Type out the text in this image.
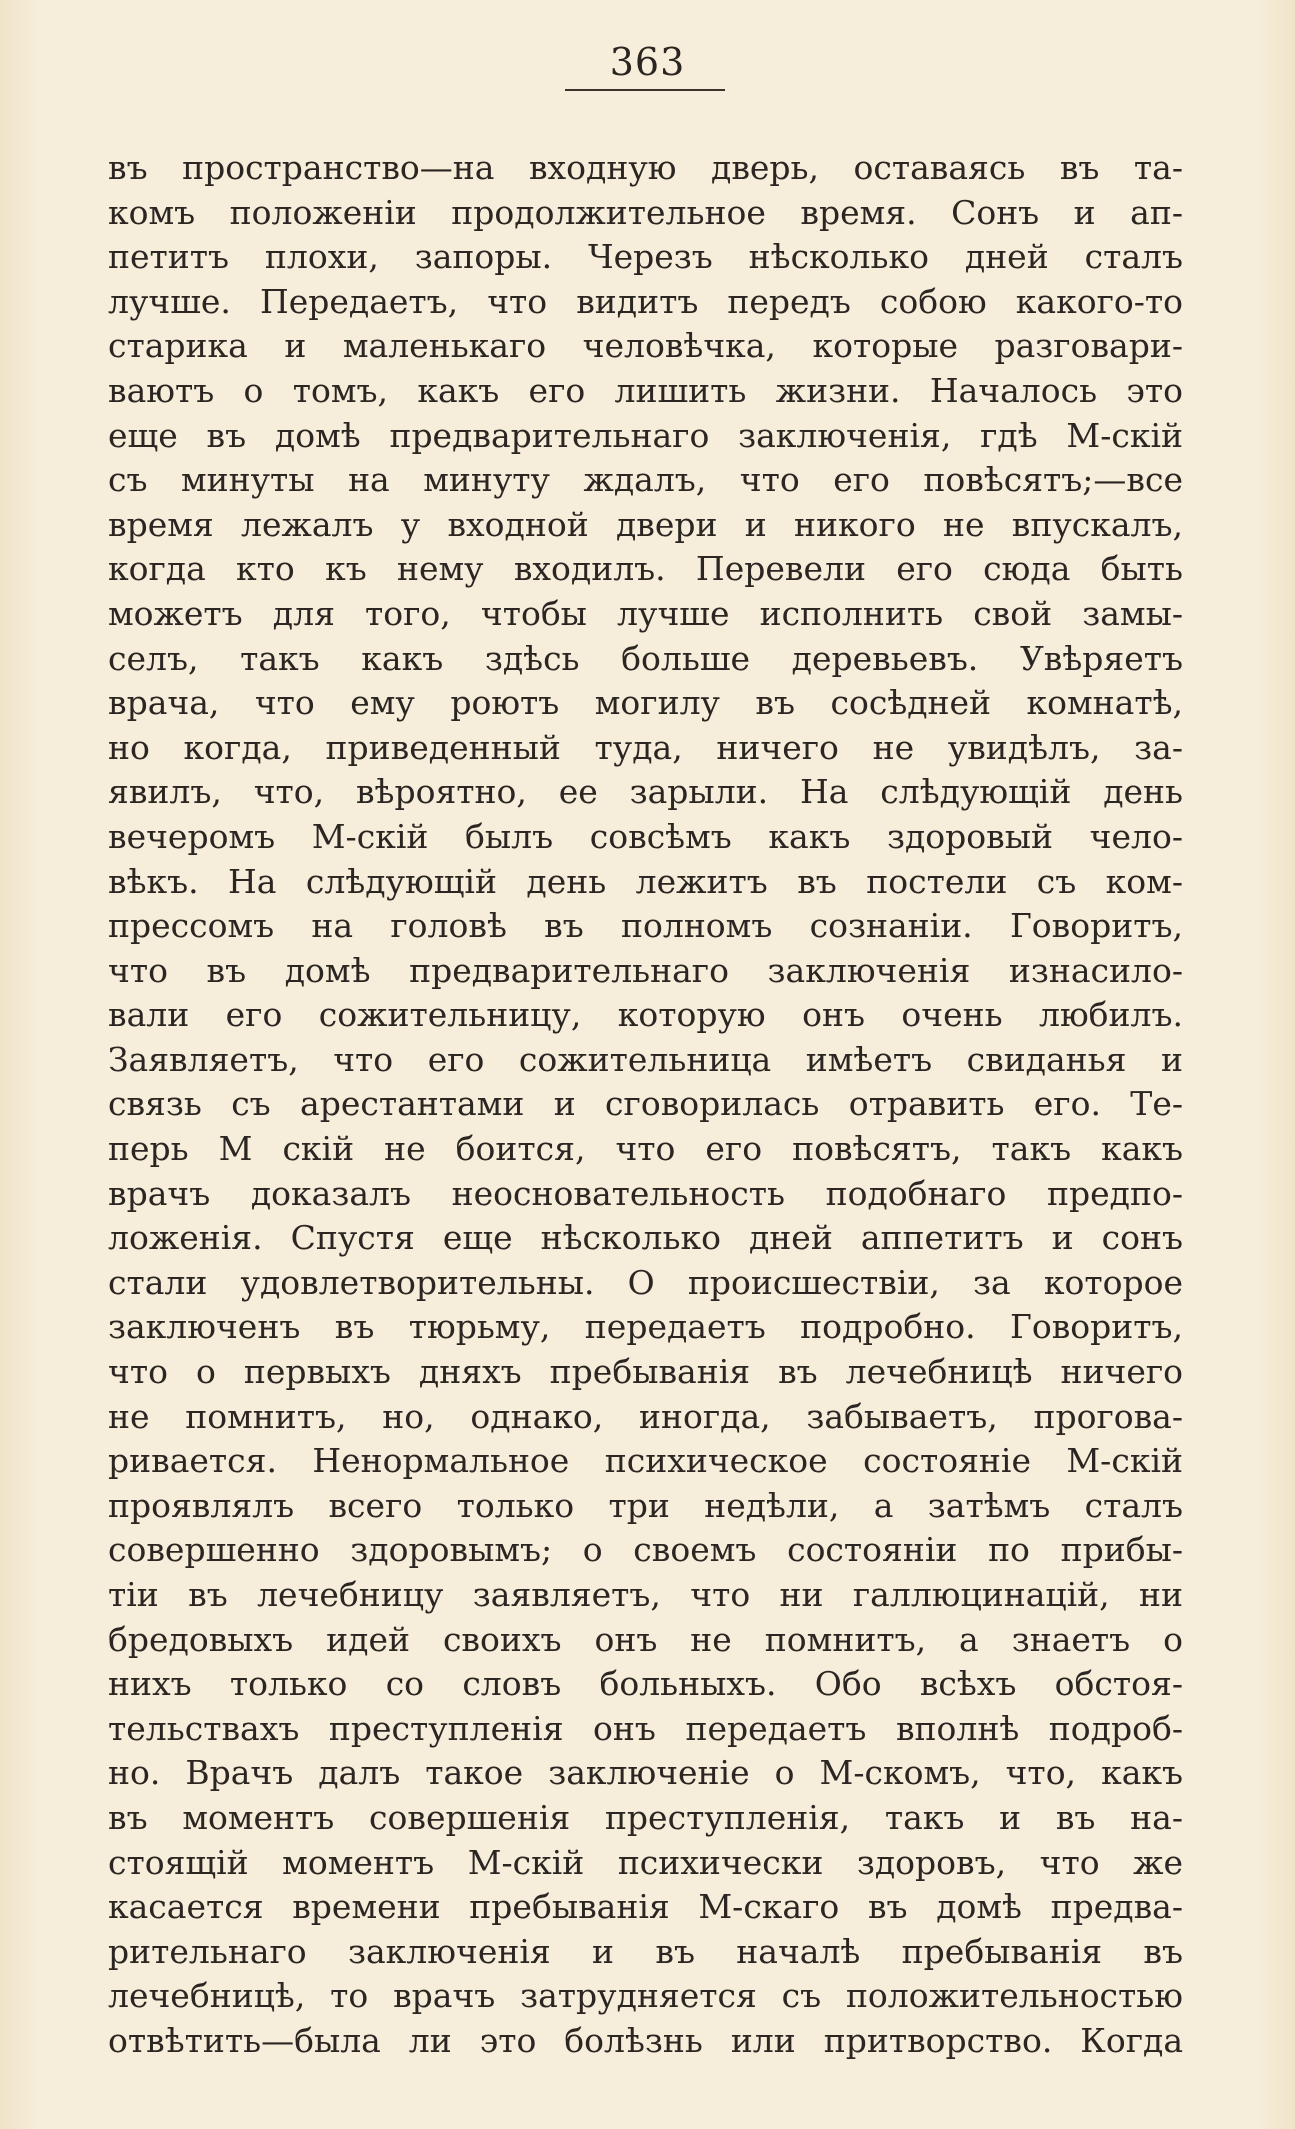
363
въ пространство—на входную дверь, оставаясь въ та-
комъ положенiи продолжительное время. Сонъ и ап-
петитъ плохи, запоры. Черезъ нѣсколько дней сталъ
лучше. Передаетъ, что видитъ передъ собою какого-то
старика и маленькаго человѣчка, которые разговари-
ваютъ о томъ, какъ его лишить жизни. Началось это
еще въ домѣ предварительнаго заключенiя, гдѣ М-скiй
съ минуты на минуту ждалъ, что его повѣсятъ;—все
время лежалъ у входной двери и никого не впускалъ,
когда кто къ нему входилъ. Перевели его сюда быть
можетъ для того, чтобы лучше исполнить свой замы-
селъ, такъ какъ здѣсь больше деревьевъ. Увѣряетъ
врача, что ему роютъ могилу въ сосѣдней комнатѣ,
но когда, приведенный туда, ничего не увидѣлъ, за-
явилъ, что, вѣроятно, ее зарыли. На слѣдующiй день
вечеромъ М-скiй былъ совсѣмъ какъ здоровый чело-
вѣкъ. На слѣдующiй день лежитъ въ постели съ ком-
прессомъ на головѣ въ полномъ сознанiи. Говоритъ,
что въ домѣ предварительнаго заключенiя изнасило-
вали его сожительницу, которую онъ очень любилъ.
Заявляетъ, что его сожительница имѣетъ свиданья и
связь съ арестантами и сговорилась отравить его. Те-
перь М скiй не боится, что его повѣсятъ, такъ какъ
врачъ доказалъ неосновательность подобнаго предпо-
ложенiя. Спустя еще нѣсколько дней аппетитъ и сонъ
стали удовлетворительны. О происшествiи, за которое
заключенъ въ тюрьму, передаетъ подробно. Говоритъ,
что о первыхъ дняхъ пребыванiя въ лечебницѣ ничего
не помнитъ, но, однако, иногда, забываетъ, прогова-
ривается. Ненормальное психическое состоянiе М-скiй
проявлялъ всего только три недѣли, а затѣмъ сталъ
совершенно здоровымъ; о своемъ состоянiи по прибы-
тiи въ лечебницу заявляетъ, что ни галлюцинацiй, ни
бредовыхъ идей своихъ онъ не помнитъ, а знаетъ о
нихъ только со словъ больныхъ. Обо всѣхъ обстоя-
тельствахъ преступленiя онъ передаетъ вполнѣ подроб-
но. Врачъ далъ такое заключенiе о М-скомъ, что, какъ
въ моментъ совершенiя преступленiя, такъ и въ на-
стоящiй моментъ М-скiй психически здоровъ, что же
касается времени пребыванiя М-скаго въ домѣ предва-
рительнаго заключенiя и въ началѣ пребыванiя въ
лечебницѣ, то врачъ затрудняется съ положительностью
отвѣтить—была ли это болѣзнь или притворство. Когда
